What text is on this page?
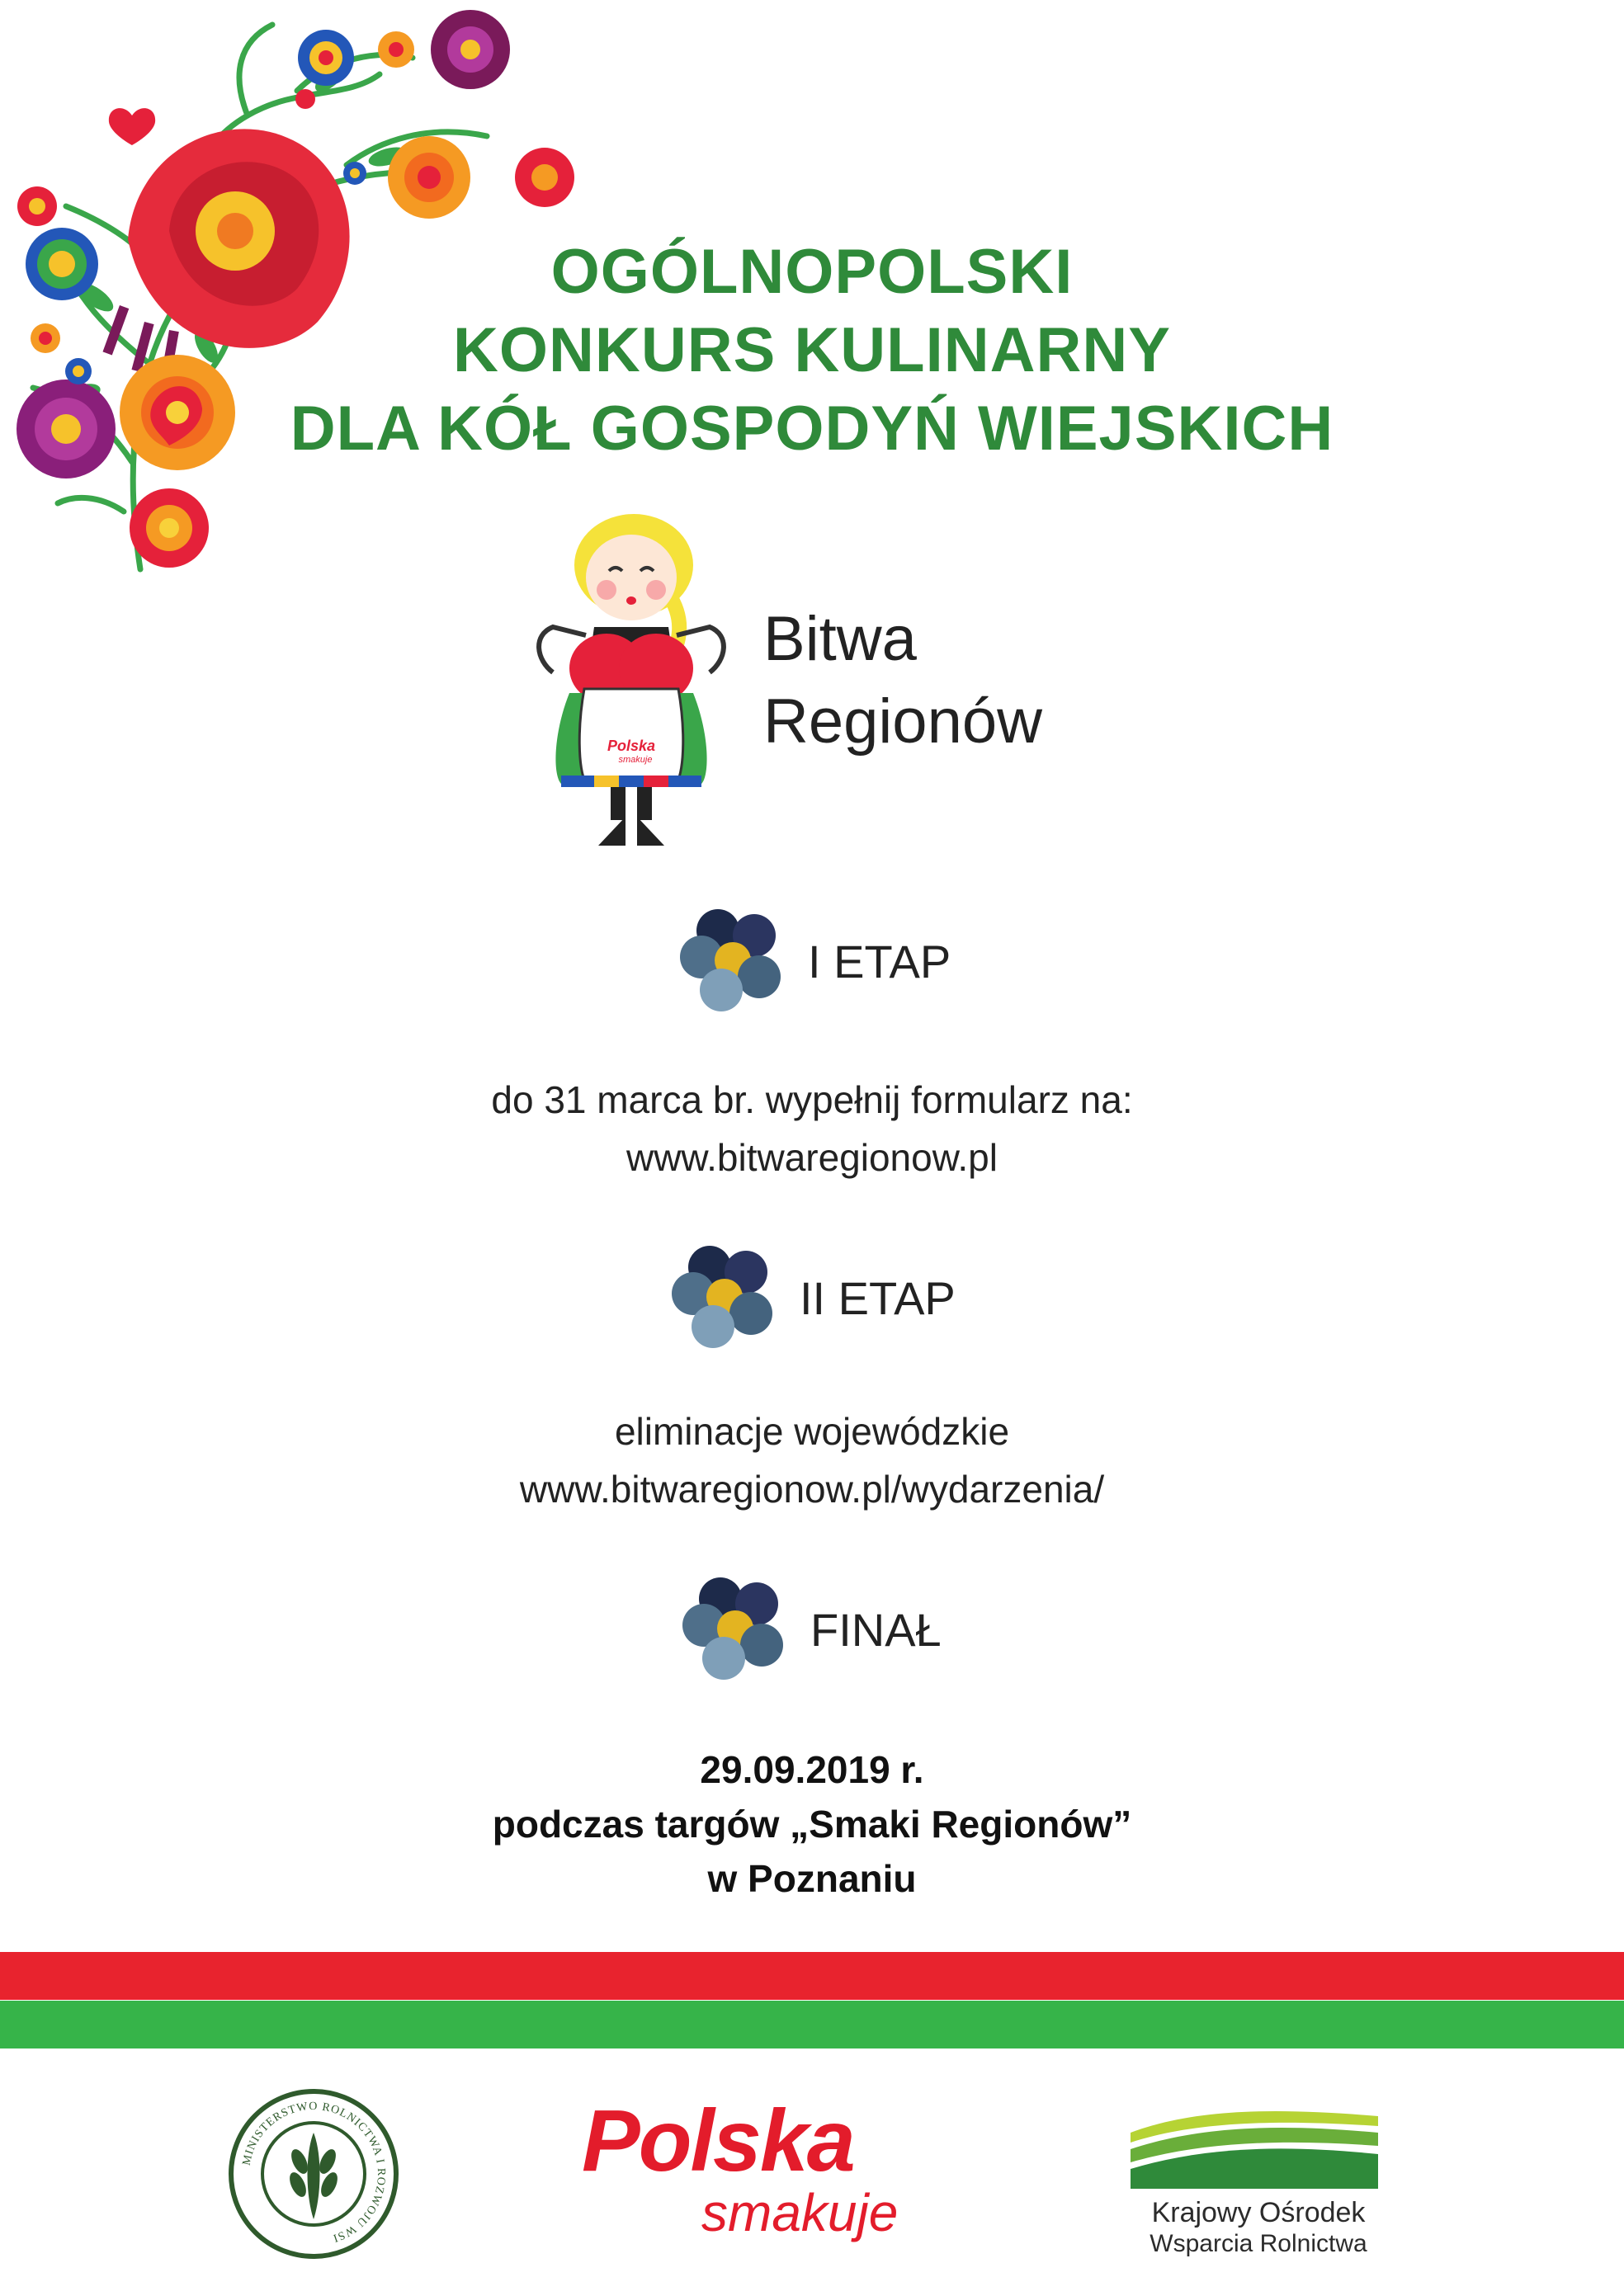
OGÓLNOPOLSKI
KONKURS KULINARNY
DLA KÓŁ GOSPODYŃ WIEJSKICH
Polska
smakuje
Bitwa
Regionów
I ETAP
do 31 marca br. wypełnij formularz na:
www.bitwaregionow.pl
II ETAP
eliminacje wojewódzkie
www.bitwaregionow.pl/wydarzenia/
FINAŁ
29.09.2019 r.
podczas targów „Smaki Regionów”
w Poznaniu
MINISTERSTWO ROLNICTWA I ROZWOJU WSI
Polska
smakuje	Krajowy Ośrodek
Wsparcia Rolnictwa
